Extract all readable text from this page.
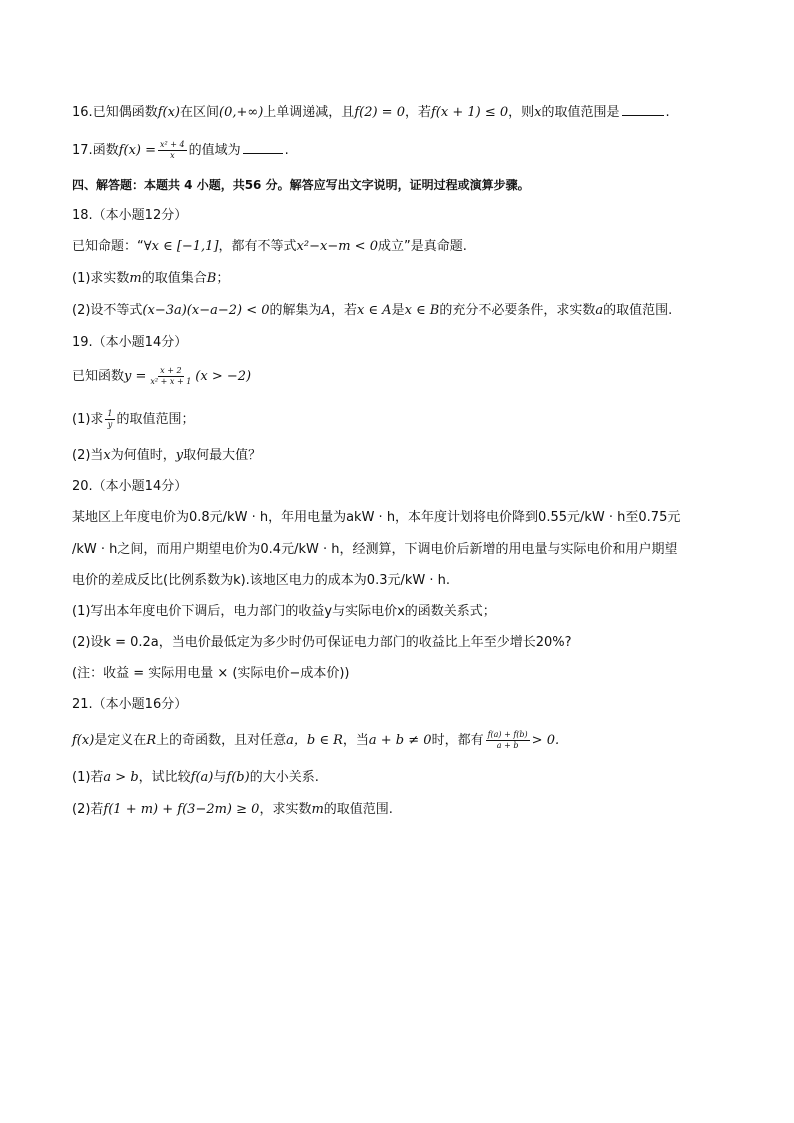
16.已知偶函数f(x)在区间(0,+∞)上单调递减，且f(2) = 0，若f(x + 1) ≤ 0，则x的取值范围是	.
17.函数$f(x) = \frac{\text{x² + 4}}{x}$ 的值域为	.
四、解答题：本题共 4 小题，共56 分。解答应写出文字说明，证明过程或演算步骤。
18.（本小题12分）
已知命题：“∀x ∈ [−1,1]，都有不等式x²−x−m < 0成立”是真命题.
(1)求实数m的取值集合B；
(2)设不等式(x−3a)(x−a−2) < 0的解集为A，若x ∈ A是x ∈ B的充分不必要条件，求实数a的取值范围.
19.（本小题14分）
已知函数$y = \frac{x + 2}{\text{x² + x + 1}} (x > -2)$
(1)求 $\frac{1}{y}$ 的取值范围；
(2)当x为何值时，y取何最大值？
20.（本小题14分）
某地区上年度电价为0.8元/kW · h，年用电量为akW · h，本年度计划将电价降到0.55元/kW · h至0.75元
/kW · h之间，而用户期望电价为0.4元/kW · h，经测算，下调电价后新增的用电量与实际电价和用户期望
电价的差成反比(比例系数为k).该地区电力的成本为0.3元/kW · h.
(1)写出本年度电价下调后，电力部门的收益y与实际电价x的函数关系式；
(2)设k = 0.2a，当电价最低定为多少时仍可保证电力部门的收益比上年至少增长20%?
(注：收益 = 实际用电量 × (实际电价−成本价))
21.（本小题16分）
f(x)是定义在R上的奇函数，且对任意a，b ∈ R，当a + b ≠ 0时，都有 $\frac{f(a) + f(b)}{a + b} > 0$.
(1)若a > b，试比较f(a)与f(b)的大小关系.
(2)若f(1 + m) + f(3−2m) ≥ 0，求实数m的取值范围.
